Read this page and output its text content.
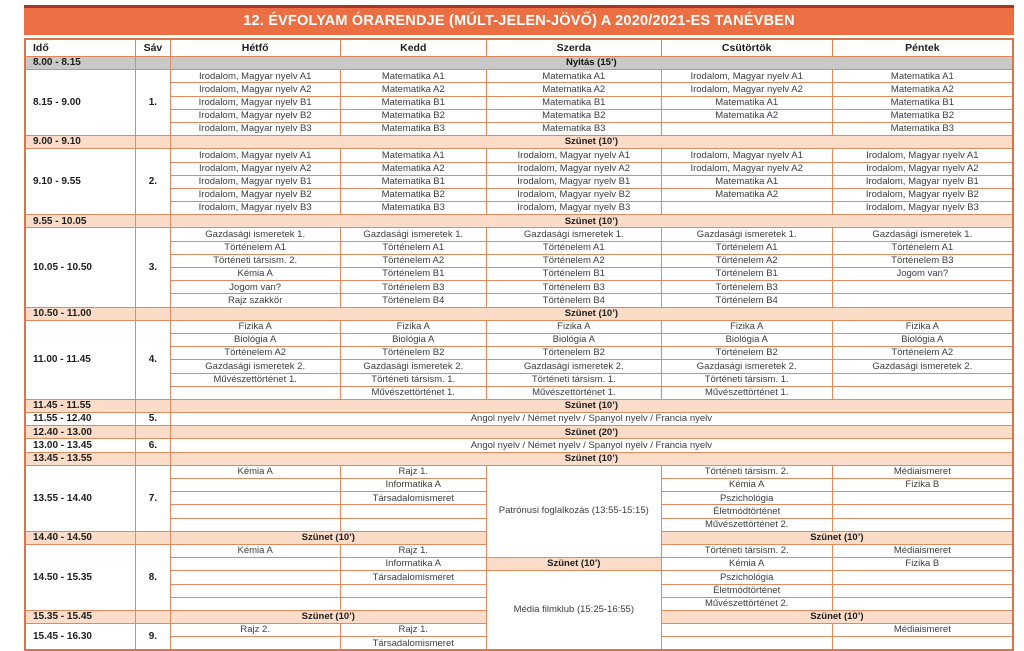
12. ÉVFOLYAM ÓRARENDJE (MÚLT-JELEN-JÖVŐ) A 2020/2021-ES TANÉVBEN
Idő	Sáv	Hétfő	Kedd	Szerda	Csütörtök	Péntek
8.00 - 8.15		Nyitás (15’)				
8.15 - 9.00	1.	Irodalom, Magyar nyelv A1	Matematika A1	Matematika A1	Irodalom, Magyar nyelv A1	Matematika A1
		Irodalom, Magyar nyelv A2	Matematika A2	Matematika A2	Irodalom, Magyar nyelv A2	Matematika A2
		Irodalom, Magyar nyelv B1	Matematika B1	Matematika B1	Matematika A1	Matematika B1
		Irodalom, Magyar nyelv B2	Matematika B2	Matematika B2	Matematika A2	Matematika B2
		Irodalom, Magyar nyelv B3	Matematika B3	Matematika B3		Matematika B3
9.00 - 9.10		Szünet (10’)				
9.10 - 9.55	2.	Irodalom, Magyar nyelv A1	Matematika A1	Irodalom, Magyar nyelv A1	Irodalom, Magyar nyelv A1	Irodalom, Magyar nyelv A1
		Irodalom, Magyar nyelv A2	Matematika A2	Irodalom, Magyar nyelv A2	Irodalom, Magyar nyelv A2	Irodalom, Magyar nyelv A2
		Irodalom, Magyar nyelv B1	Matematika B1	Irodalom, Magyar nyelv B1	Matematika A1	Irodalom, Magyar nyelv B1
		Irodalom, Magyar nyelv B2	Matematika B2	Irodalom, Magyar nyelv B2	Matematika A2	Irodalom, Magyar nyelv B2
		Irodalom, Magyar nyelv B3	Matematika B3	Irodalom, Magyar nyelv B3		Irodalom, Magyar nyelv B3
9.55 - 10.05		Szünet (10’)				
10.05 - 10.50	3.	Gazdasági ismeretek 1.	Gazdasági ismeretek 1.	Gazdasági ismeretek 1.	Gazdasági ismeretek 1.	Gazdasági ismeretek 1.
		Történelem A1	Történelem A1	Történelem A1	Történelem A1	Történelem A1
		Történeti társism. 2.	Történelem A2	Történelem A2	Történelem A2	Történelem B3
		Kémia A	Történelem B1	Történelem B1	Történelem B1	Jogom van?
		Jogom van?	Történelem B3	Történelem B3	Történelem B3	
		Rajz szakkör	Történelem B4	Történelem B4	Történelem B4	
10.50 - 11.00		Szünet (10’)				
11.00 - 11.45	4.	Fizika A	Fizika A	Fizika A	Fizika A	Fizika A
		Biológia A	Biológia A	Biológia A	Biológia A	Biológia A
		Történelem A2	Történelem B2	Történelem B2	Történelem B2	Történelem A2
		Gazdasági ismeretek 2.	Gazdasági ismeretek 2.	Gazdasági ismeretek 2.	Gazdasági ismeretek 2.	Gazdasági ismeretek 2.
		Művészettörténet 1.	Történeti társism. 1.	Történeti társism. 1.	Történeti társism. 1.	
			Művészettörténet 1.	Művészettörténet 1.	Művészettörténet 1.	
11.45 - 11.55		Szünet (10’)				
11.55 - 12.40	5.	Angol nyelv / Német nyelv / Spanyol nyelv / Francia nyelv				
12.40 - 13.00		Szünet (20’)				
13.00 - 13.45	6.	Angol nyelv / Német nyelv / Spanyol nyelv / Francia nyelv				
13.45 - 13.55		Szünet (10’)				
13.55 - 14.40	7.	Kémia A	Rajz 1.	Patrónusi foglalkozás (13:55-15:15)	Történeti társism. 2.	Médiaismeret
			Informatika A		Kémia A	Fizika B
			Társadalomismeret		Pszichológia	
					Életmódtörténet	
					Művészettörténet 2.	
14.40 - 14.50		Szünet (10’)			Szünet (10’)	
14.50 - 15.35	8.	Kémia A	Rajz 1.		Történeti társism. 2.	Médiaismeret
			Informatika A	Szünet (10’)	Kémia A	Fizika B
			Társadalomismeret	Média filmklub (15:25-16:55)	Pszichológia	
					Életmódtörténet	
					Művészettörténet 2.	
15.35 - 15.45		Szünet (10’)			Szünet (10’)	
15.45 - 16.30	9.	Rajz 2.	Rajz 1.			Médiaismeret
			Társadalomismeret			
